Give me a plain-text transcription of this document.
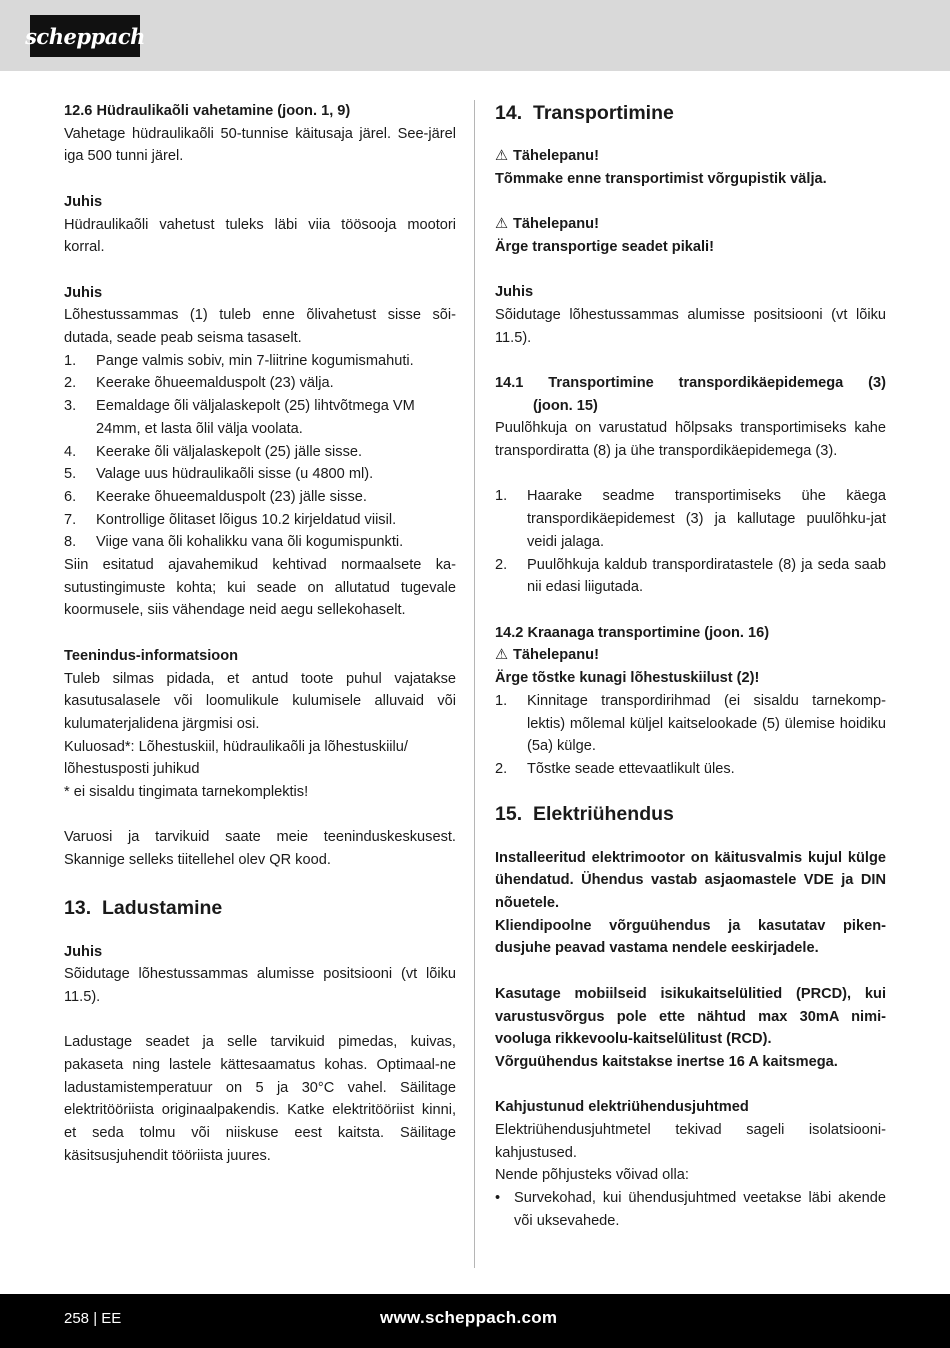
scheppach

12.6 Hüdraulikaõli vahetamine (joon. 1, 9)

Vahetage hüdraulikaõli 50-tunnise käitusaja järel. See-järel iga 500 tunni järel.

Juhis

Hüdraulikaõli vahetust tuleks läbi viia töösooja mootori korral.

Juhis

Lõhestussammas (1) tuleb enne õlivahetust sisse sõi-dutada, seade peab seisma tasaselt.

1. Pange valmis sobiv, min 7-liitrine kogumismahuti.
2. Keerake õhueemalduspolt (23) välja.
3. Eemaldage õli väljalaskepolt (25) lihtvõtmega VM 24mm, et lasta õlil välja voolata.
4. Keerake õli väljalaskepolt (25) jälle sisse.
5. Valage uus hüdraulikaõli sisse (u 4800 ml).
6. Keerake õhueemalduspolt (23) jälle sisse.
7. Kontrollige õlitaset lõigus 10.2 kirjeldatud viisil.
8. Viige vana õli kohalikku vana õli kogumispunkti.

Siin esitatud ajavahemikud kehtivad normaalsete ka-sutustingimuste kohta; kui seade on allutatud tugevale koormusele, siis vähendage neid aegu sellekohaselt.

Teenindus-informatsioon

Tuleb silmas pidada, et antud toote puhul vajatakse kasutusalasele või loomulikule kulumisele alluvaid või kulumaterjalidena järgmisi osi.

Kuluosad*: Lõhestuskiil, hüdraulikaõli ja lõhestuskiilu/ lõhestusposti juhikud

* ei sisaldu tingimata tarnekomplektis!

Varuosi ja tarvikuid saate meie teeninduskeskusest. Skannige selleks tiitellehel olev QR kood.

13. Ladustamine

Juhis

Sõidutage lõhestussammas alumisse positsiooni (vt lõiku 11.5).

Ladustage seadet ja selle tarvikuid pimedas, kuivas, pakaseta ning lastele kättesaamatus kohas. Optimaal-ne ladustamistemperatuur on 5 ja 30°C vahel. Säilitage elektritööriista originaalpakendis. Katke elektritööriist kinni, et seda tolmu või niiskuse eest kaitsta. Säilitage käsitsusjuhendit tööriista juures.

14. Transportimine

⚠ Tähelepanu!

Tõmmake enne transportimist võrgupistik välja.

⚠ Tähelepanu!

Ärge transportige seadet pikali!

Juhis

Sõidutage lõhestussammas alumisse positsiooni (vt lõiku 11.5).

14.1 Transportimine transpordikäepidemega (3)

(joon. 15)

Puulõhkuja on varustatud hõlpsaks transportimiseks kahe transpordiratta (8) ja ühe transpordikäepidemega (3).

1. Haarake seadme transportimiseks ühe käega transpordikäepidemest (3) ja kallutage puulõhku-jat veidi jalaga.
2. Puulõhkuja kaldub transpordiratastele (8) ja seda saab nii edasi liigutada.

14.2 Kraanaga transportimine (joon. 16)

⚠ Tähelepanu!

Ärge tõstke kunagi lõhestuskiilust (2)!

1. Kinnitage transpordirihmad (ei sisaldu tarnekomp-lektis) mõlemal küljel kaitselookade (5) ülemise hoidiku (5a) külge.
2. Tõstke seade ettevaatlikult üles.

15. Elektriühendus

Installeeritud elektrimootor on käitusvalmis kujul külge ühendatud. Ühendus vastab asjaomastele VDE ja DIN nõuetele.

Kliendipoolne võrguühendus ja kasutatav piken-dusjuhe peavad vastama nendele eeskirjadele.

Kasutage mobiilseid isikukaitselülitied (PRCD), kui varustusvõrgus pole ette nähtud max 30mA nimi-vooluga rikkevoolu-kaitselülitust (RCD).

Võrguühendus kaitstakse inertse 16 A kaitsmega.

Kahjustunud elektriühendusjuhtmed

Elektriühendusjuhtmetel tekivad sageli isolatsiooni-kahjustused.

Nende põhjusteks võivad olla:

• Survekohad, kui ühendusjuhtmed veetakse läbi akende või uksevahede.
258 | EE	www.scheppach.com
